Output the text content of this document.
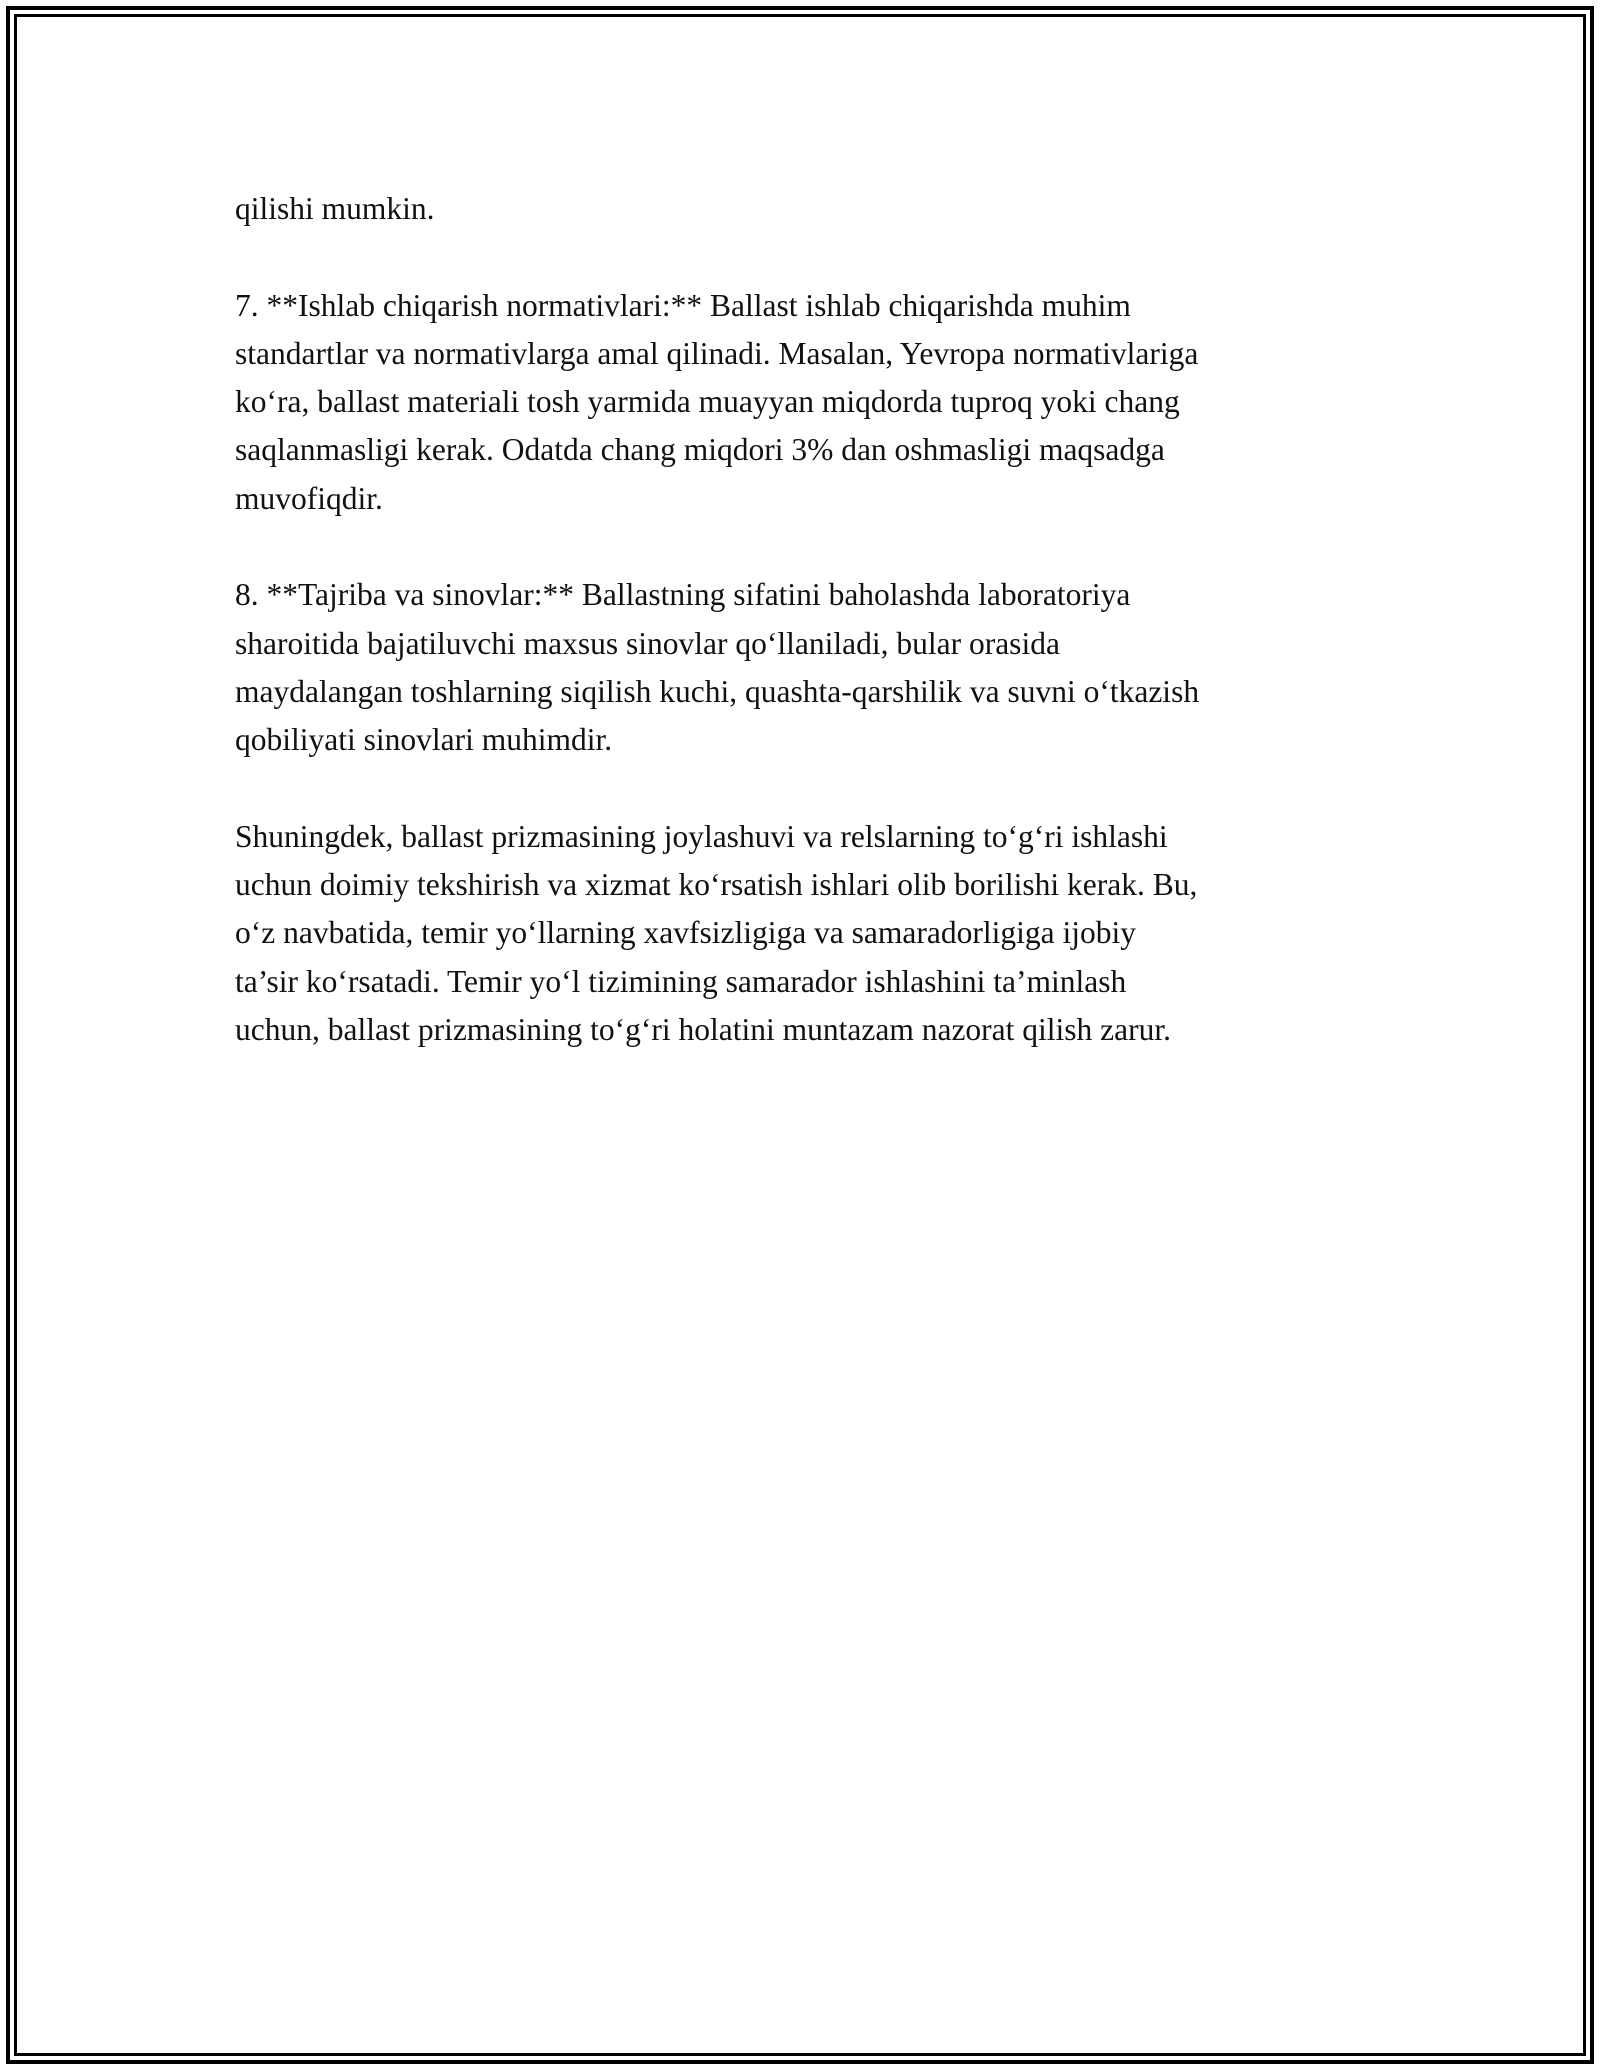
qilishi mumkin.

7. **Ishlab chiqarish normativlari:** Ballast ishlab chiqarishda muhim
standartlar va normativlarga amal qilinadi. Masalan, Yevropa normativlariga
ko‘ra, ballast materiali tosh yarmida muayyan miqdorda tuproq yoki chang
saqlanmasligi kerak. Odatda chang miqdori 3% dan oshmasligi maqsadga
muvofiqdir.

8. **Tajriba va sinovlar:** Ballastning sifatini baholashda laboratoriya
sharoitida bajatiluvchi maxsus sinovlar qo‘llaniladi, bular orasida
maydalangan toshlarning siqilish kuchi, quashta-qarshilik va suvni o‘tkazish
qobiliyati sinovlari muhimdir.

Shuningdek, ballast prizmasining joylashuvi va relslarning to‘g‘ri ishlashi
uchun doimiy tekshirish va xizmat ko‘rsatish ishlari olib borilishi kerak. Bu,
o‘z navbatida, temir yo‘llarning xavfsizligiga va samaradorligiga ijobiy
ta’sir ko‘rsatadi. Temir yo‘l tizimining samarador ishlashini ta’minlash
uchun, ballast prizmasining to‘g‘ri holatini muntazam nazorat qilish zarur.
